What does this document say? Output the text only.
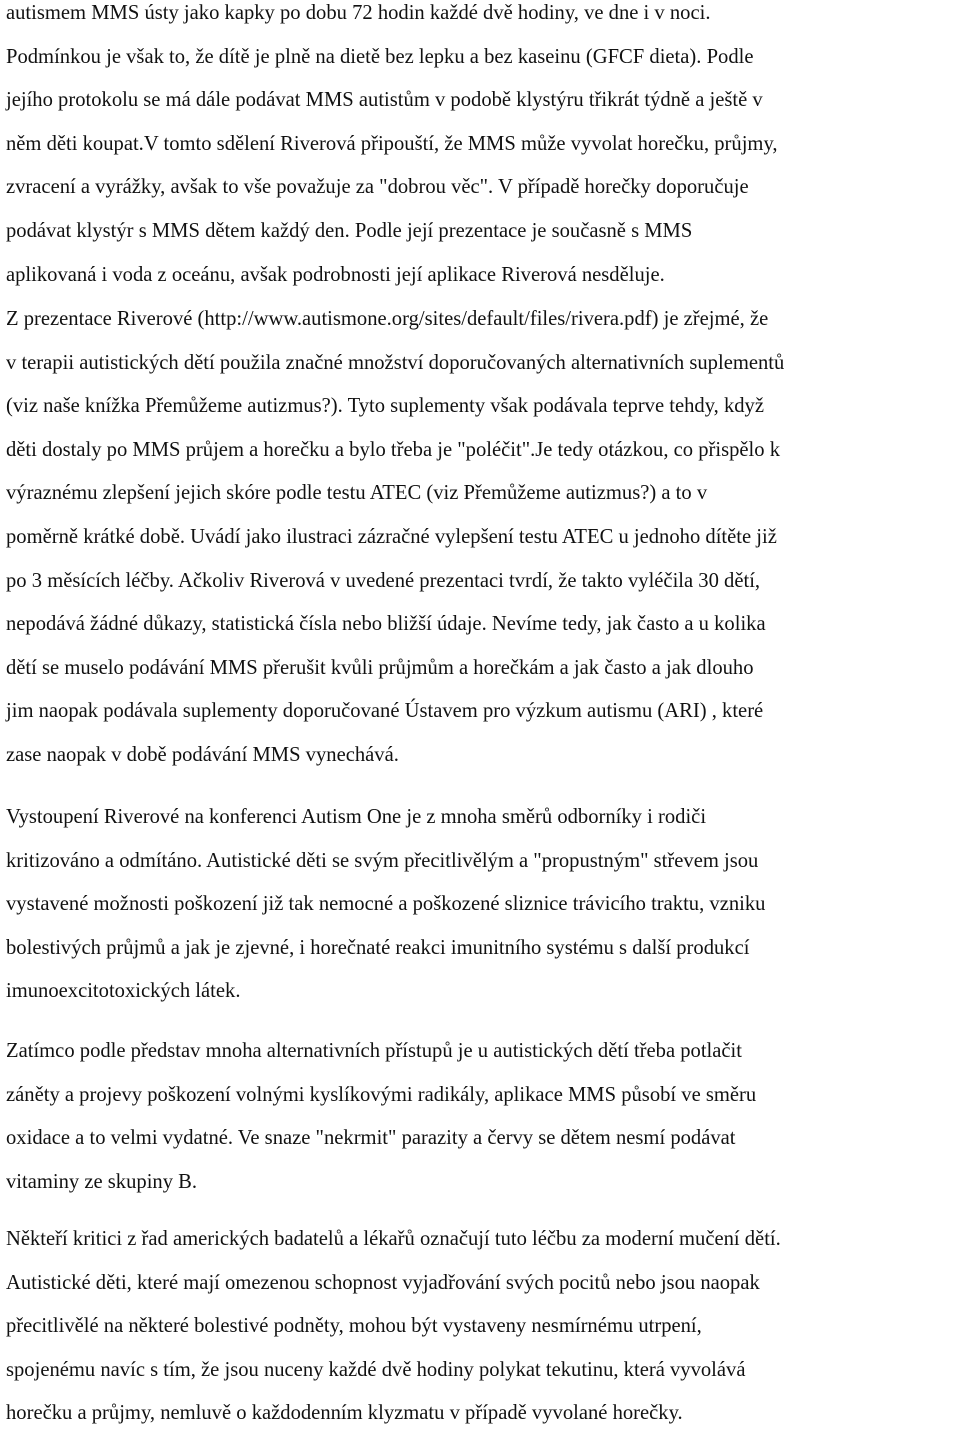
autismem MMS ústy jako kapky po dobu 72 hodin každé dvě hodiny, ve dne i v noci.
Podmínkou je však to, že dítě je plně na dietě bez lepku a bez kaseinu (GFCF dieta). Podle
jejího protokolu se má dále podávat MMS autistům v podobě klystýru třikrát týdně a ještě v
něm děti koupat.V tomto sdělení Riverová připouští, že MMS může vyvolat horečku, průjmy,
zvracení a vyrážky, avšak to vše považuje za "dobrou věc". V případě horečky doporučuje
podávat klystýr s MMS dětem každý den. Podle její prezentace je současně s MMS
aplikovaná i voda z oceánu, avšak podrobnosti její aplikace Riverová nesděluje.

Z prezentace Riverové (http://www.autismone.org/sites/default/files/rivera.pdf) je zřejmé, že
v terapii autistických dětí použila značné množství doporučovaných alternativních suplementů
(viz naše knížka Přemůžeme autizmus?). Tyto suplementy však podávala teprve tehdy, když
děti dostaly po MMS průjem a horečku a bylo třeba je "poléčit".Je tedy otázkou, co přispělo k
výraznému zlepšení jejich skóre podle testu ATEC (viz Přemůžeme autizmus?) a to v
poměrně krátké době. Uvádí jako ilustraci zázračné vylepšení testu ATEC u jednoho dítěte již
po 3 měsících léčby. Ačkoliv Riverová v uvedené prezentaci tvrdí, že takto vyléčila 30 dětí,
nepodává žádné důkazy, statistická čísla nebo bližší údaje. Nevíme tedy, jak často a u kolika
dětí se muselo podávání MMS přerušit kvůli průjmům a horečkám a jak často a jak dlouho
jim naopak podávala suplementy doporučované Ústavem pro výzkum autismu (ARI) , které
zase naopak v době podávání MMS vynechává.

Vystoupení Riverové na konferenci Autism One je z mnoha směrů odborníky i rodiči
kritizováno a odmítáno. Autistické děti se svým přecitlivělým a "propustným" střevem jsou
vystavené možnosti poškození již tak nemocné a poškozené sliznice trávicího traktu, vzniku
bolestivých průjmů a jak je zjevné, i horečnaté reakci imunitního systému s další produkcí
imunoexcitotoxických látek.

Zatímco podle představ mnoha alternativních přístupů je u autistických dětí třeba potlačit
záněty a projevy poškození volnými kyslíkovými radikály, aplikace MMS působí ve směru
oxidace a to velmi vydatné. Ve snaze "nekrmit" parazity a červy se dětem nesmí podávat
vitaminy ze skupiny B.

Někteří kritici z řad amerických badatelů a lékařů označují tuto léčbu za moderní mučení dětí.
Autistické děti, které mají omezenou schopnost vyjadřování svých pocitů nebo jsou naopak
přecitlivělé na některé bolestivé podněty, mohou být vystaveny nesmírnému utrpení,
spojenému navíc s tím, že jsou nuceny každé dvě hodiny polykat tekutinu, která vyvolává
horečku a průjmy, nemluvě o každodenním klyzmatu v případě vyvolané horečky.
